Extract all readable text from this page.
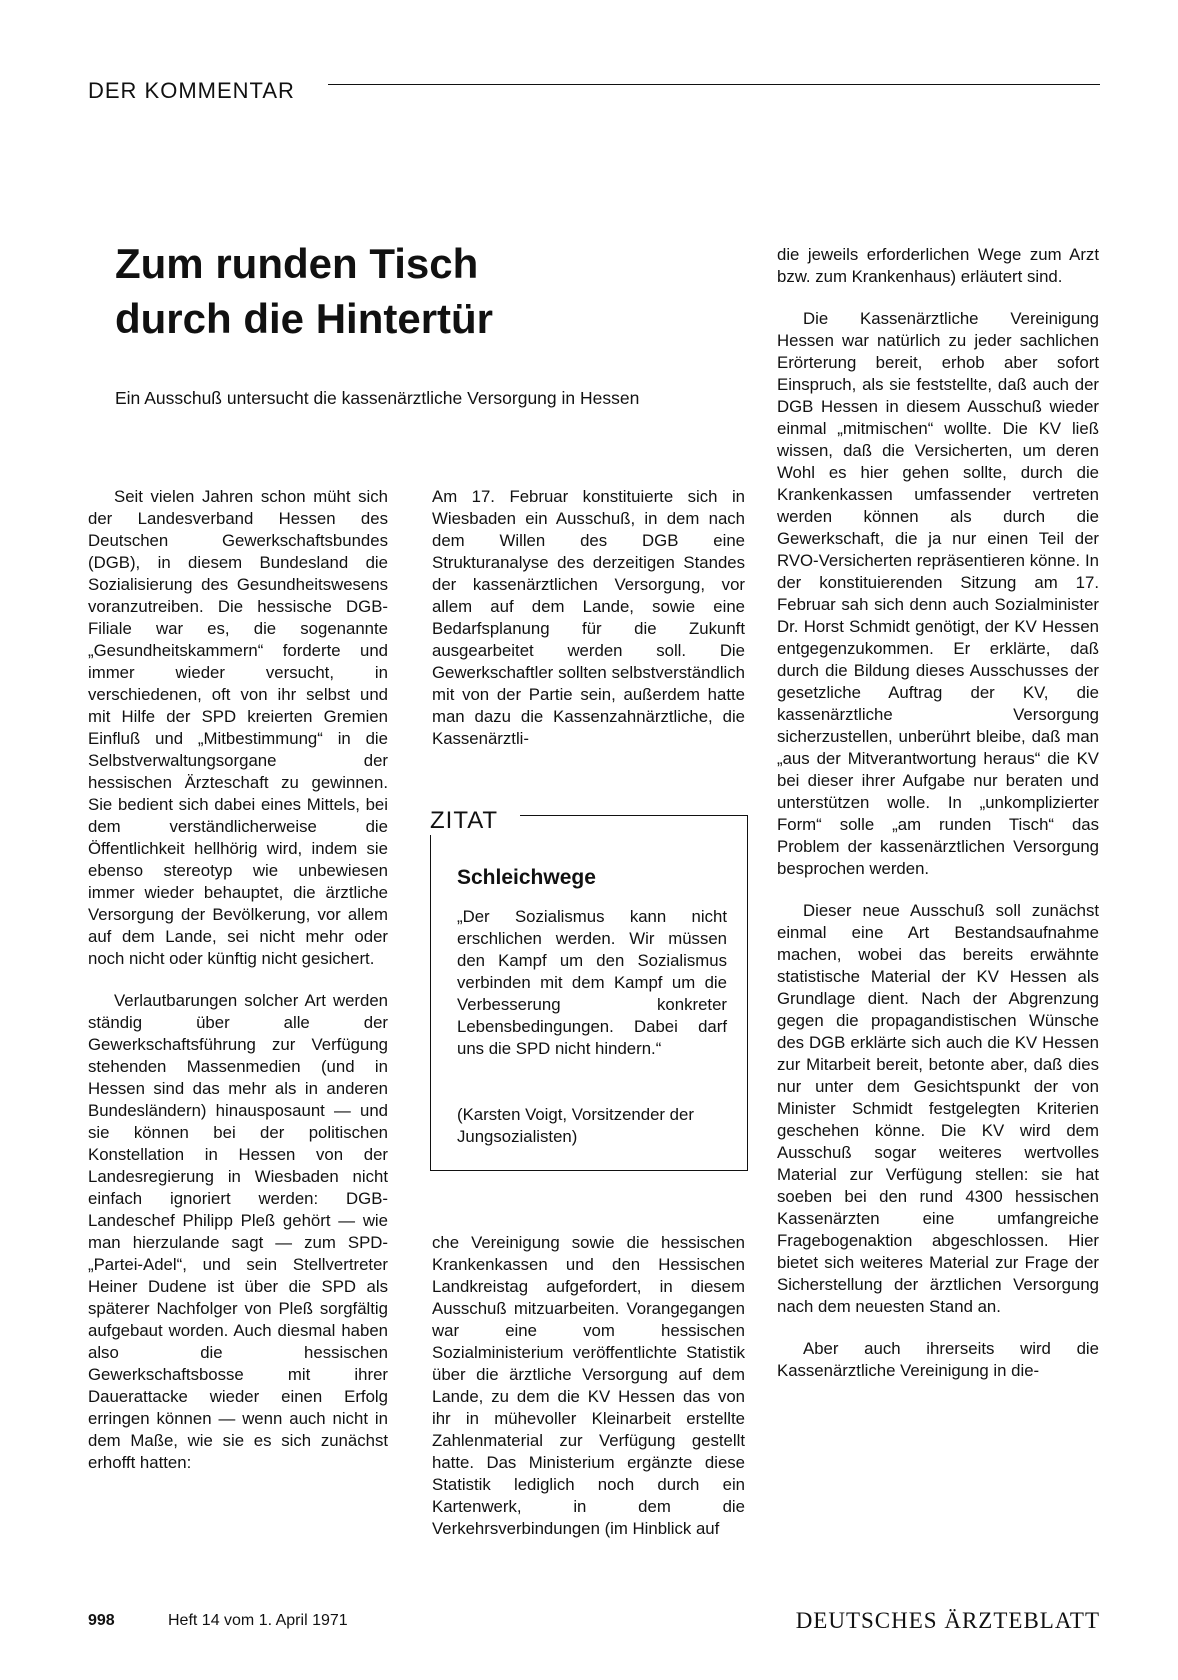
DER KOMMENTAR
Zum runden Tisch
durch die Hintertür

Ein Ausschuß untersucht die kassenärztliche Versorgung in Hessen

Seit vielen Jahren schon müht sich der Landesverband Hessen des Deutschen Gewerkschaftsbundes (DGB), in diesem Bundesland die Sozialisierung des Gesundheitswesens voranzutreiben. Die hessische DGB-Filiale war es, die sogenannte „Gesundheitskammern“ forderte und immer wieder versucht, in verschiedenen, oft von ihr selbst und mit Hilfe der SPD kreierten Gremien Einfluß und „Mitbestimmung“ in die Selbstverwaltungsorgane der hessischen Ärzteschaft zu gewinnen. Sie bedient sich dabei eines Mittels, bei dem verständlicherweise die Öffentlichkeit hellhörig wird, indem sie ebenso stereotyp wie unbewiesen immer wieder behauptet, die ärztliche Versorgung der Bevölkerung, vor allem auf dem Lande, sei nicht mehr oder noch nicht oder künftig nicht gesichert.

Verlautbarungen solcher Art werden ständig über alle der Gewerkschaftsführung zur Verfügung stehenden Massenmedien (und in Hessen sind das mehr als in anderen Bundesländern) hinausposaunt — und sie können bei der politischen Konstellation in Hessen von der Landesregierung in Wiesbaden nicht einfach ignoriert werden: DGB-Landeschef Philipp Pleß gehört — wie man hierzulande sagt — zum SPD-„Partei-Adel“, und sein Stellvertreter Heiner Dudene ist über die SPD als späterer Nachfolger von Pleß sorgfältig aufgebaut worden. Auch diesmal haben also die hessischen Gewerkschaftsbosse mit ihrer Dauerattacke wieder einen Erfolg erringen können — wenn auch nicht in dem Maße, wie sie es sich zunächst erhofft hatten:

Am 17. Februar konstituierte sich in Wiesbaden ein Ausschuß, in dem nach dem Willen des DGB eine Strukturanalyse des derzeitigen Standes der kassenärztlichen Versorgung, vor allem auf dem Lande, sowie eine Bedarfsplanung für die Zukunft ausgearbeitet werden soll. Die Gewerkschaftler sollten selbstverständlich mit von der Partie sein, außerdem hatte man dazu die Kassenzahnärztliche, die Kassenärztli-

ZITAT
Schleichwege

„Der Sozialismus kann nicht erschlichen werden. Wir müssen den Kampf um den Sozialismus verbinden mit dem Kampf um die Verbesserung konkreter Lebensbedingungen. Dabei darf uns die SPD nicht hindern.“

(Karsten Voigt, Vorsitzender der Jungsozialisten)

che Vereinigung sowie die hessischen Krankenkassen und den Hessischen Landkreistag aufgefordert, in diesem Ausschuß mitzuarbeiten. Vorangegangen war eine vom hessischen Sozialministerium veröffentlichte Statistik über die ärztliche Versorgung auf dem Lande, zu dem die KV Hessen das von ihr in mühevoller Kleinarbeit erstellte Zahlenmaterial zur Verfügung gestellt hatte. Das Ministerium ergänzte diese Statistik lediglich noch durch ein Kartenwerk, in dem die Verkehrsverbindungen (im Hinblick auf

die jeweils erforderlichen Wege zum Arzt bzw. zum Krankenhaus) erläutert sind.

Die Kassenärztliche Vereinigung Hessen war natürlich zu jeder sachlichen Erörterung bereit, erhob aber sofort Einspruch, als sie feststellte, daß auch der DGB Hessen in diesem Ausschuß wieder einmal „mitmischen“ wollte. Die KV ließ wissen, daß die Versicherten, um deren Wohl es hier gehen sollte, durch die Krankenkassen umfassender vertreten werden können als durch die Gewerkschaft, die ja nur einen Teil der RVO-Versicherten repräsentieren könne. In der konstituierenden Sitzung am 17. Februar sah sich denn auch Sozialminister Dr. Horst Schmidt genötigt, der KV Hessen entgegenzukommen. Er erklärte, daß durch die Bildung dieses Ausschusses der gesetzliche Auftrag der KV, die kassenärztliche Versorgung sicherzustellen, unberührt bleibe, daß man „aus der Mitverantwortung heraus“ die KV bei dieser ihrer Aufgabe nur beraten und unterstützen wolle. In „unkomplizierter Form“ solle „am runden Tisch“ das Problem der kassenärztlichen Versorgung besprochen werden.

Dieser neue Ausschuß soll zunächst einmal eine Art Bestandsaufnahme machen, wobei das bereits erwähnte statistische Material der KV Hessen als Grundlage dient. Nach der Abgrenzung gegen die propagandistischen Wünsche des DGB erklärte sich auch die KV Hessen zur Mitarbeit bereit, betonte aber, daß dies nur unter dem Gesichtspunkt der von Minister Schmidt festgelegten Kriterien geschehen könne. Die KV wird dem Ausschuß sogar weiteres wertvolles Material zur Verfügung stellen: sie hat soeben bei den rund 4300 hessischen Kassenärzten eine umfangreiche Fragebogenaktion abgeschlossen. Hier bietet sich weiteres Material zur Frage der Sicherstellung der ärztlichen Versorgung nach dem neuesten Stand an.

Aber auch ihrerseits wird die Kassenärztliche Vereinigung in die-

998	Heft 14 vom 1. April 1971	DEUTSCHES ÄRZTEBLATT
